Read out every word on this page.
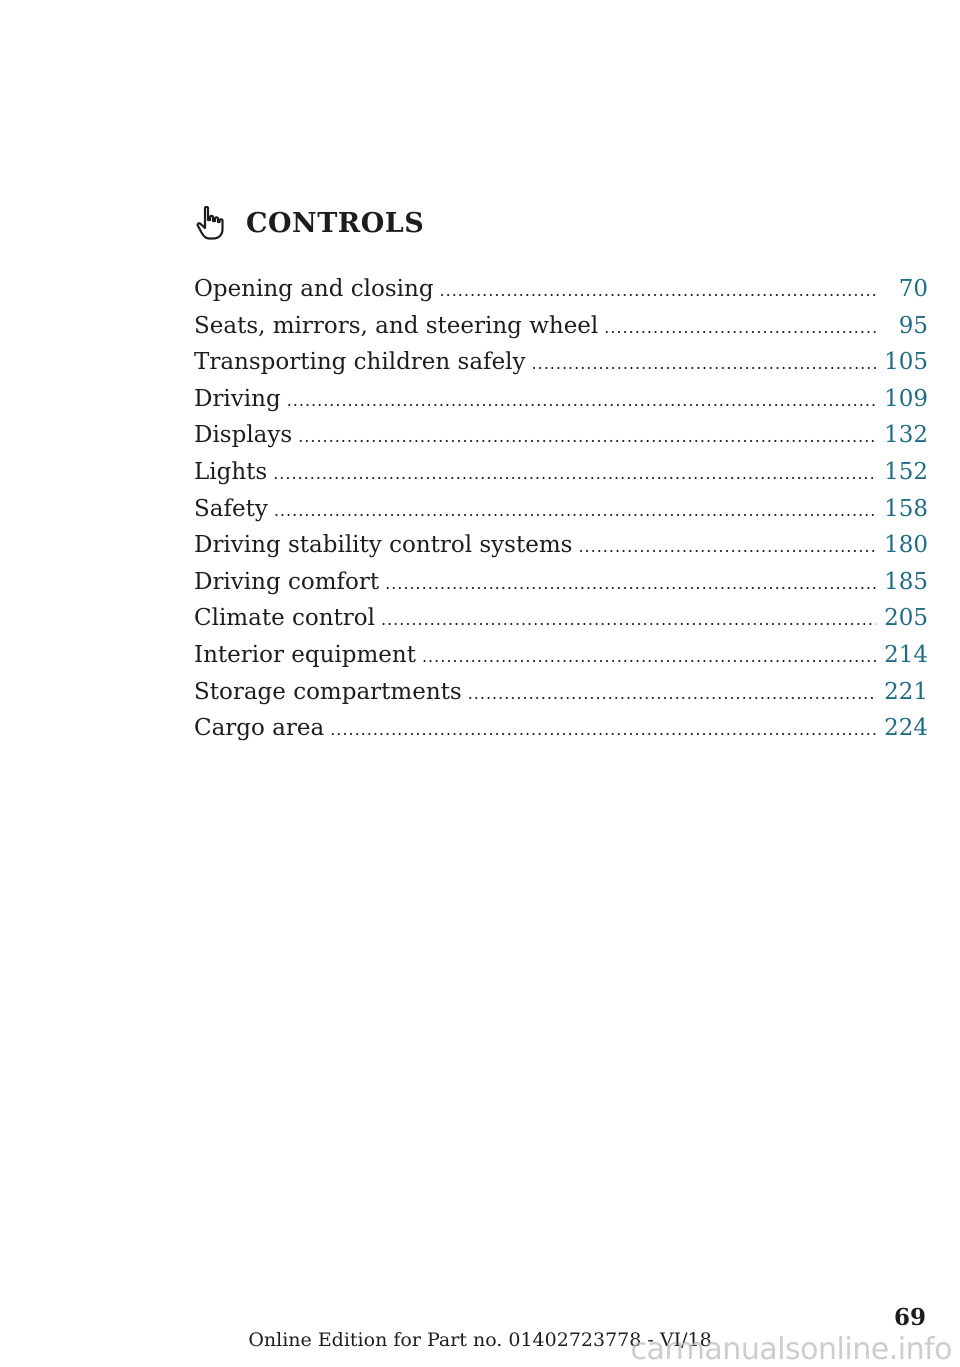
CONTROLS
Opening and closing .....	70
Seats, mirrors, and steering wheel .....	95
Transporting children safely .....	105
Driving .....	109
Displays .....	132
Lights .....	152
Safety .....	158
Driving stability control systems .....	180
Driving comfort .....	185
Climate control .....	205
Interior equipment .....	214
Storage compartments .....	221
Cargo area .....	224
69
Online Edition for Part no. 01402723778 - VI/18
carmanualsonline.info
